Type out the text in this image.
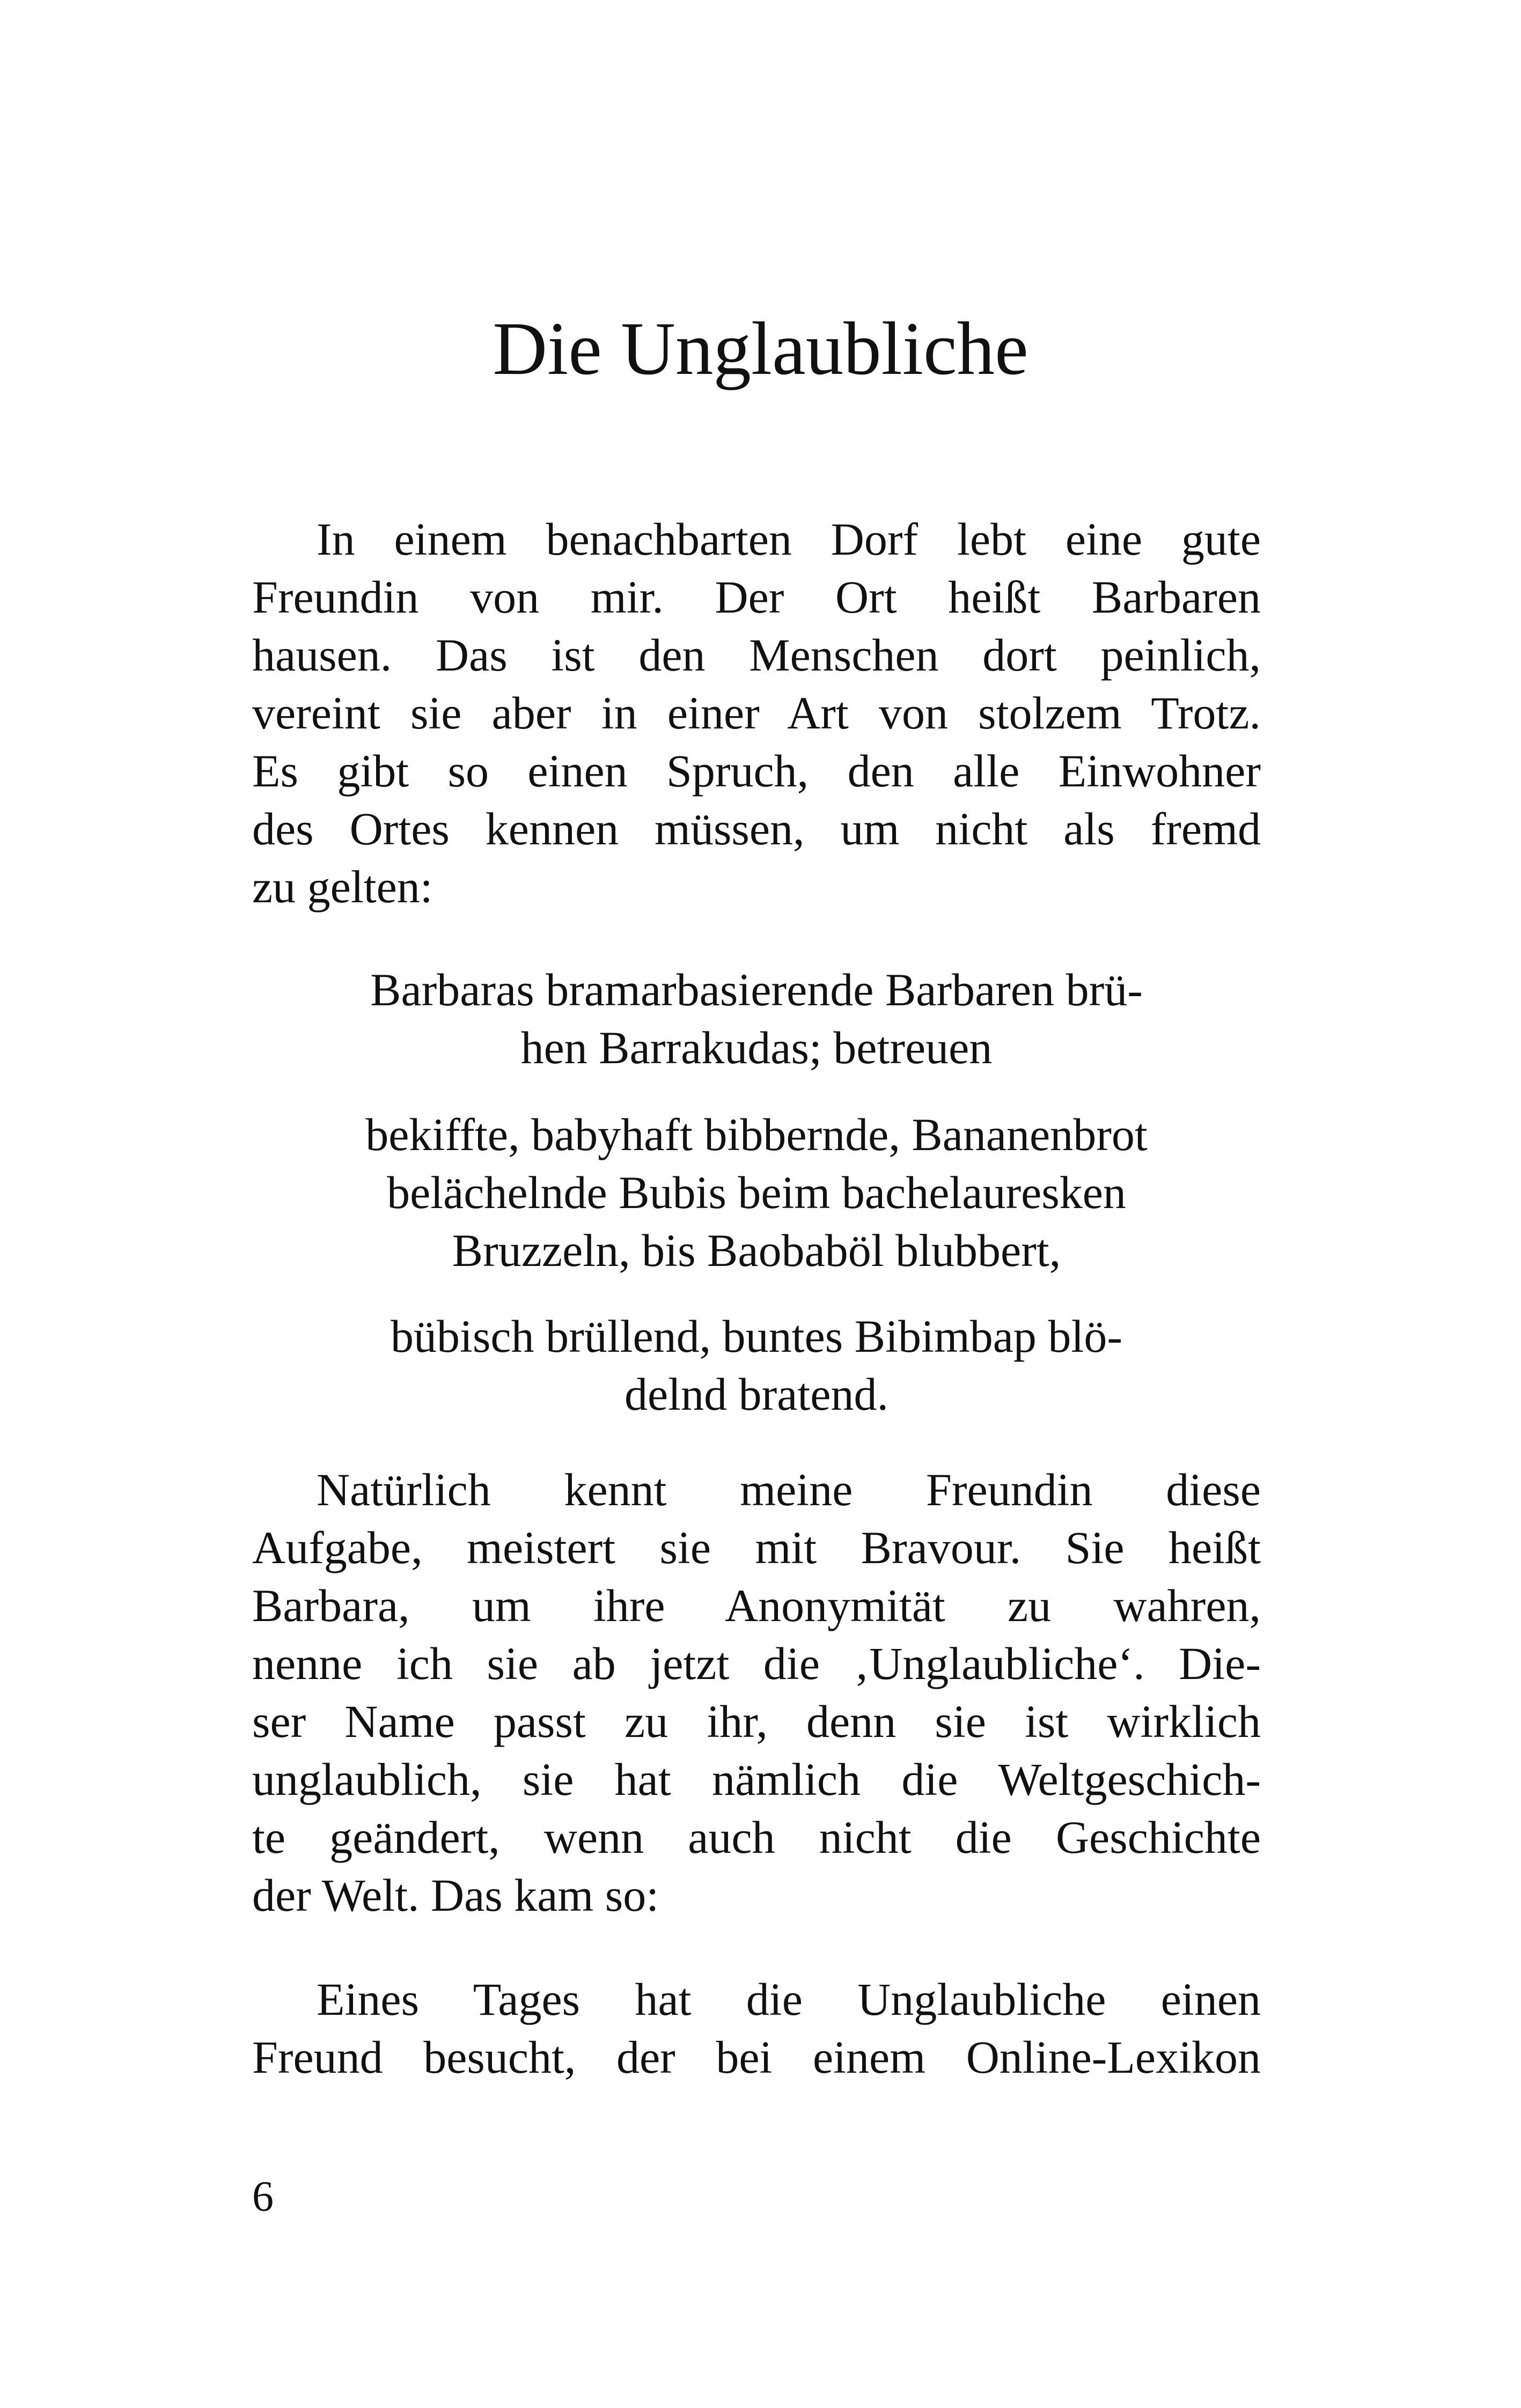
Die Unglaubliche
In einem benachbarten Dorf lebt eine gute
Freundin von mir. Der Ort heißt Barbaren
hausen. Das ist den Menschen dort peinlich,
vereint sie aber in einer Art von stolzem Trotz.
Es gibt so einen Spruch, den alle Einwohner
des Ortes kennen müssen, um nicht als fremd
zu gelten:
Barbaras bramarbasierende Barbaren brü-
hen Barrakudas; betreuen
bekiffte, babyhaft bibbernde, Bananenbrot
belächelnde Bubis beim bachelauresken
Bruzzeln, bis Baobaböl blubbert,
bübisch brüllend, buntes Bibimbap blö-
delnd bratend.
Natürlich kennt meine Freundin diese
Aufgabe, meistert sie mit Bravour. Sie heißt
Barbara, um ihre Anonymität zu wahren,
nenne ich sie ab jetzt die ‚Unglaubliche‘. Die-
ser Name passt zu ihr, denn sie ist wirklich
unglaublich, sie hat nämlich die Weltgeschich-
te geändert, wenn auch nicht die Geschichte
der Welt. Das kam so:
Eines Tages hat die Unglaubliche einen
Freund besucht, der bei einem Online-Lexikon
6
